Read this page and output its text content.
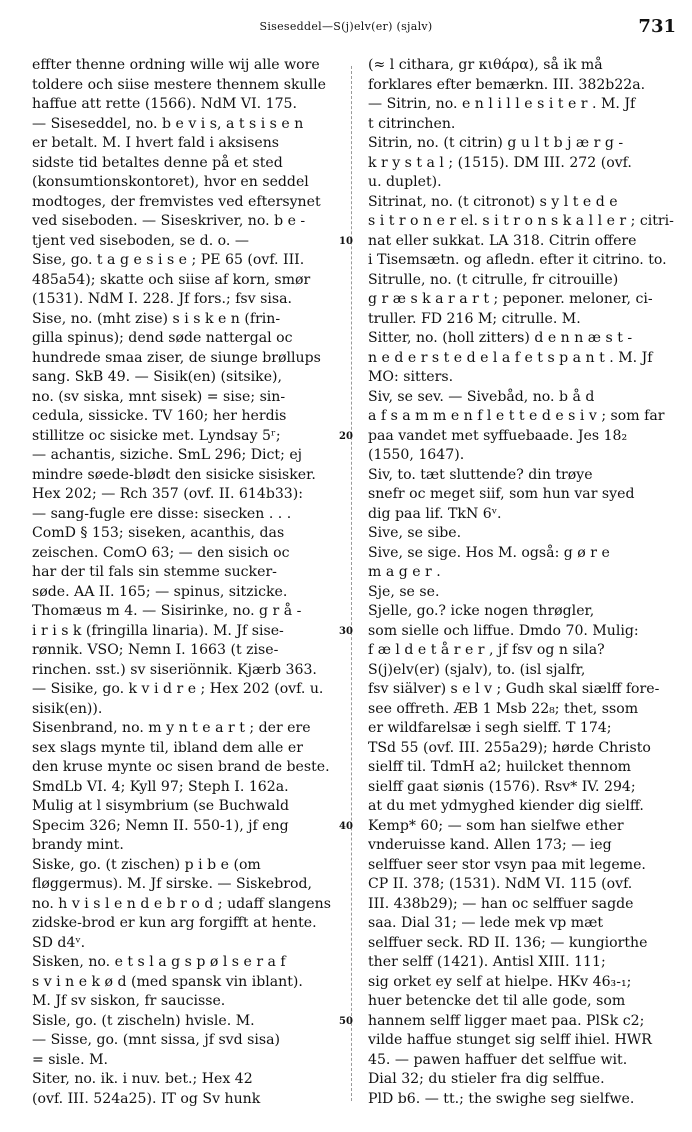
Siseseddel—S(j)elv(er) (sjalv)	731
10
20
30
40
50
effter thenne ordning wille wij alle wore
toldere och siise mestere thennem skulle
haffue att rette (1566). NdM VI. 175.
— Siseseddel, no. b e v i s, a t s i s e n
er betalt. M. I hvert fald i aksisens
sidste tid betaltes denne på et sted
(konsumtionskontoret), hvor en seddel
modtoges, der fremvistes ved eftersynet
ved siseboden. — Siseskriver, no. b e -
tjent ved siseboden, se d. o. —
Sise, go. t a g e s i s e ; PE 65 (ovf. III.
485a54); skatte och siise af korn, smør
(1531). NdM I. 228. Jf fors.; fsv sisa.
Sise, no. (mht zise) s i s k e n (frin-
gilla spinus); dend søde nattergal oc
hundrede smaa ziser, de siunge brøllups
sang. SkB 49. — Sisik(en) (sitsike),
no. (sv siska, mnt sisek) = sise; sin-
cedula, sissicke. TV 160; her herdis
stillitze oc sisicke met. Lyndsay 5ʳ;
— achantis, siziche. SmL 296; Dict; ej
mindre søede-blødt den sisicke sisisker.
Hex 202; — Rch 357 (ovf. II. 614b33):
— sang-fugle ere disse: sisecken . . .
ComD § 153; siseken, acanthis, das
zeischen. ComO 63; — den sisich oc
har der til fals sin stemme sucker-
søde. AA II. 165; — spinus, sitzicke.
Thomæus m 4. — Sisirinke, no. g r å -
i r i s k (fringilla linaria). M. Jf sise-
rønnik. VSO; Nemn I. 1663 (t zise-
rinchen. sst.) sv siseriönnik. Kjærb 363.
— Sisike, go. k v i d r e ; Hex 202 (ovf. u.
sisik(en)).
Sisenbrand, no. m y n t e a r t ; der ere
sex slags mynte til, ibland dem alle er
den kruse mynte oc sisen brand de beste.
SmdLb VI. 4; Kyll 97; Steph I. 162a.
Mulig at l sisymbrium (se Buchwald
Specim 326; Nemn II. 550-1), jf eng
brandy mint.
Siske, go. (t zischen) p i b e (om
fløggermus). M. Jf sirske. — Siskebrod,
no. h v i s l e n d e b r o d ; udaff slangens
zidske-brod er kun arg forgifft at hente.
SD d4ᵛ.
Sisken, no. e t s l a g s p ø l s e r a f
s v i n e k ø d (med spansk vin iblant).
M. Jf sv siskon, fr saucisse.
Sisle, go. (t zischeln) hvisle. M.
— Sisse, go. (mnt sissa, jf svd sisa)
= sisle. M.
Siter, no. ik. i nuv. bet.; Hex 42
(ovf. III. 524a25). IT og Sv hunk
(≈ l cithara, gr κιθάρα), så ik må
forklares efter bemærkn. III. 382b22a.
— Sitrin, no. e n l i l l e s i t e r . M. Jf
t citrinchen.
Sitrin, no. (t citrin) g u l t b j æ r g -
k r y s t a l ; (1515). DM III. 272 (ovf.
u. duplet).
Sitrinat, no. (t citronot) s y l t e d e
s i t r o n e r el. s i t r o n s k a l l e r ; citri-
nat eller sukkat. LA 318. Citrin offere
i Tisemsætn. og afledn. efter it citrino. to.
Sitrulle, no. (t citrulle, fr citrouille)
g r æ s k a r a r t ; peponer. meloner, ci-
truller. FD 216 M; citrulle. M.
Sitter, no. (holl zitters) d e n n æ s t -
n e d e r s t e d e l a f e t s p a n t . M. Jf
MO: sitters.
Siv, se sev. — Sivebåd, no. b å d
a f s a m m e n f l e t t e d e s i v ; som far
paa vandet met syffuebaade. Jes 18₂
(1550, 1647).
Siv, to. tæt sluttende? din trøye
snefr oc meget siif, som hun var syed
dig paa lif. TkN 6ᵛ.
Sive, se sibe.
Sive, se sige. Hos M. også: g ø r e
m a g e r .
Sje, se se.
Sjelle, go.? icke nogen thrøgler,
som sielle och liffue. Dmdo 70. Mulig:
f æ l d e t å r e r , jf fsv og n sila?
S(j)elv(er) (sjalv), to. (isl sjalfr,
fsv siälver) s e l v ; Gudh skal siælff fore-
see offreth. ÆB 1 Msb 22₈; thet, ssom
er wildfarelsæ i segh sielff. T 174;
TSd 55 (ovf. III. 255a29); hørde Christo
sielff til. TdmH a2; huilcket thennom
sielff gaat siønis (1576). Rsv* IV. 294;
at du met ydmyghed kiender dig sielff.
Kemp* 60; — som han sielfwe ether
vnderuisse kand. Allen 173; — ieg
selffuer seer stor vsyn paa mit legeme.
CP II. 378; (1531). NdM VI. 115 (ovf.
III. 438b29); — han oc selffuer sagde
saa. Dial 31; — lede mek vp mæt
selffuer seck. RD II. 136; — kungiorthe
ther selff (1421). Antisl XIII. 111;
sig orket ey self at hielpe. HKv 46₃-₁;
huer betencke det til alle gode, som
hannem selff ligger maet paa. PlSk c2;
vilde haffue stunget sig selff ihiel. HWR
45. — pawen haffuer det selffue wit.
Dial 32; du stieler fra dig selffue.
PlD b6. — tt.; the swighe seg sielfwe.
